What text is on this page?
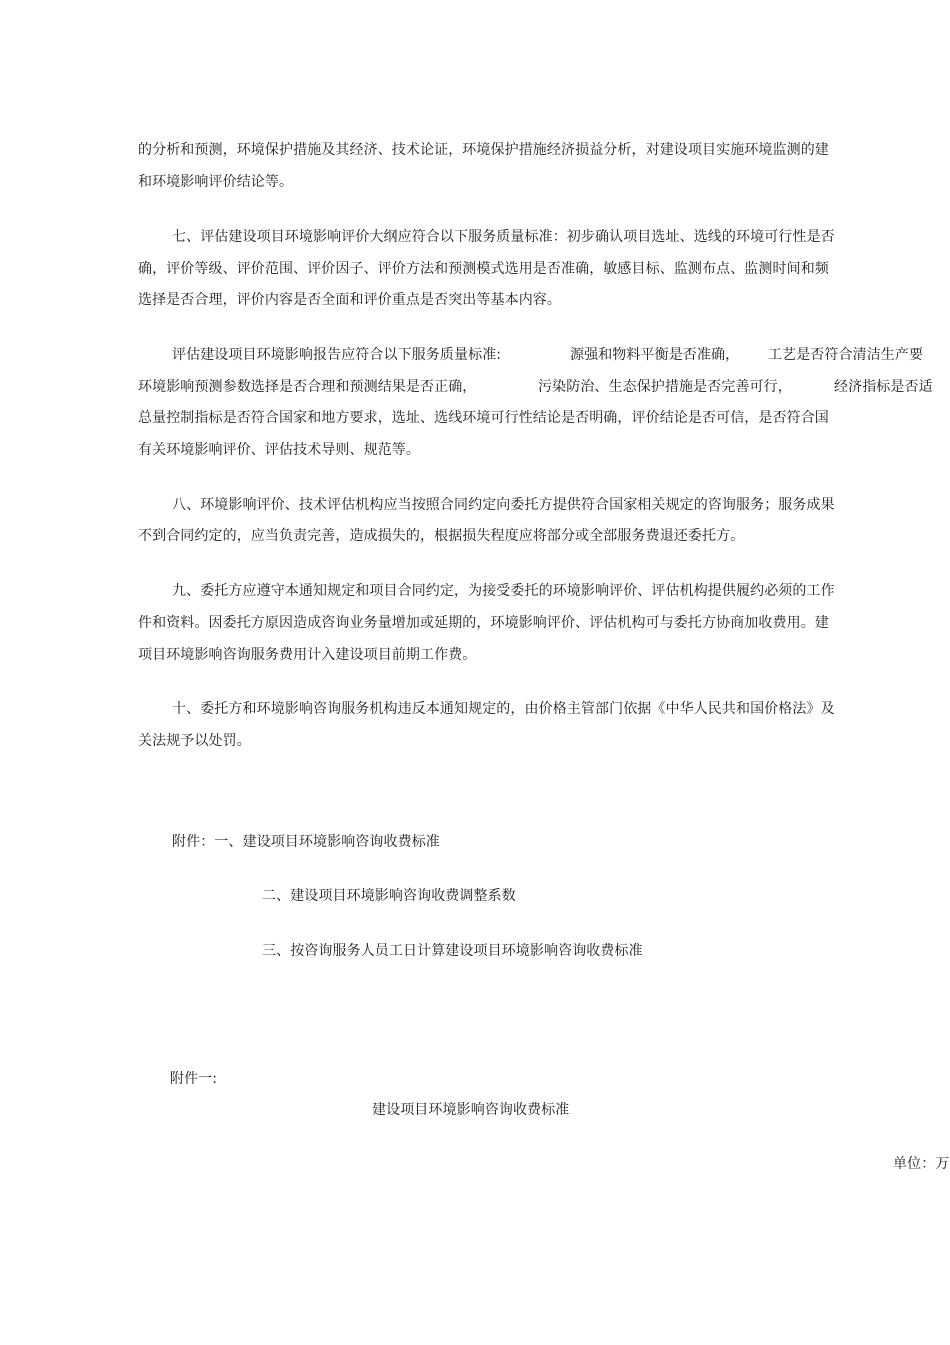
的分析和预测，环境保护措施及其经济、技术论证，环境保护措施经济损益分析，对建设项目实施环境监测的建
和环境影响评价结论等。
七、评估建设项目环境影响评价大纲应符合以下服务质量标准：初步确认项目选址、选线的环境可行性是否
确，评价等级、评价范围、评价因子、评价方法和预测模式选用是否准确，敏感目标、监测布点、监测时间和频
选择是否合理，评价内容是否全面和评价重点是否突出等基本内容。
评估建设项目环境影响报告应符合以下服务质量标准:	源强和物料平衡是否准确， 工艺是否符合清洁生产要
环境影响预测参数选择是否合理和预测结果是否正确，	污染防治、生态保护措施是否完善可行，	经济指标是否适
总量控制指标是否符合国家和地方要求，选址、选线环境可行性结论是否明确，评价结论是否可信，是否符合国
有关环境影响评价、评估技术导则、规范等。
八、环境影响评价、技术评估机构应当按照合同约定向委托方提供符合国家相关规定的咨询服务；服务成果
不到合同约定的，应当负责完善，造成损失的，根据损失程度应将部分或全部服务费退还委托方。
九、委托方应遵守本通知规定和项目合同约定，为接受委托的环境影响评价、评估机构提供履约必须的工作
件和资料。因委托方原因造成咨询业务量增加或延期的，环境影响评价、评估机构可与委托方协商加收费用。建
项目环境影响咨询服务费用计入建设项目前期工作费。
十、委托方和环境影响咨询服务机构违反本通知规定的，由价格主管部门依据《中华人民共和国价格法》及
关法规予以处罚。
附件：一、建设项目环境影响咨询收费标准
二、建设项目环境影响咨询收费调整系数
三、按咨询服务人员工日计算建设项目环境影响咨询收费标准
附件一:
建设项目环境影响咨询收费标准
单位：万
